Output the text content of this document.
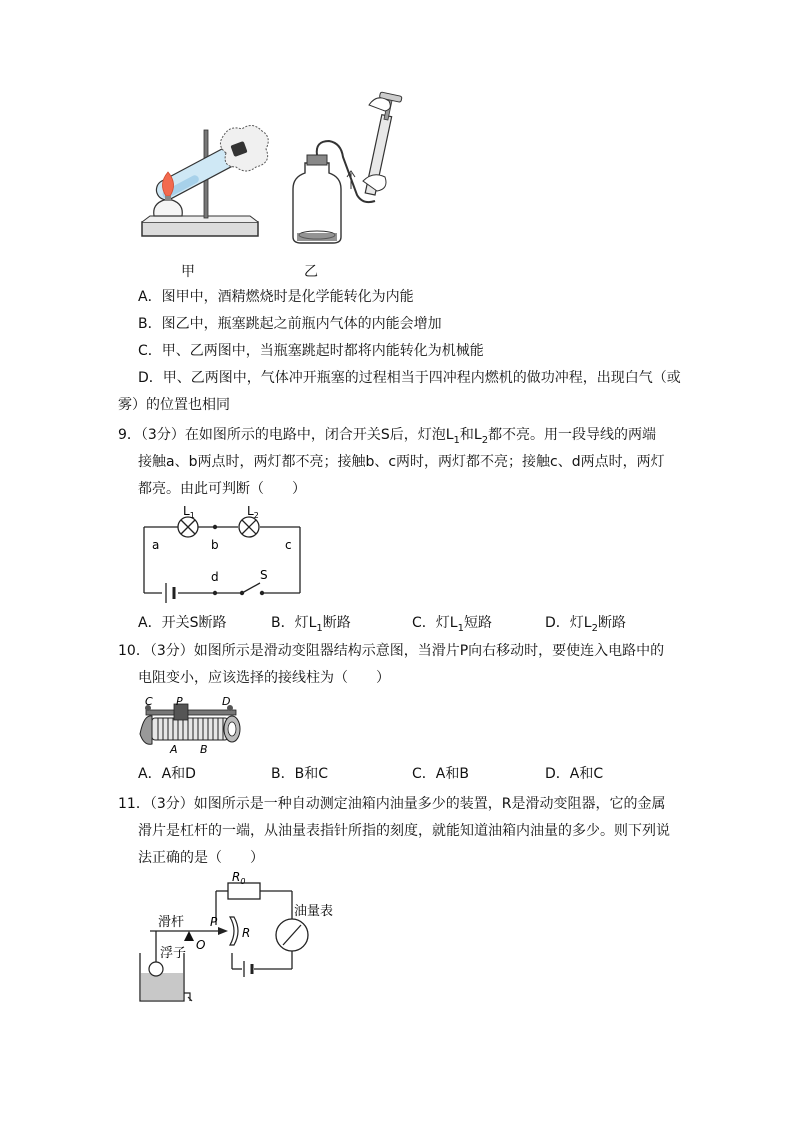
甲	乙
A．图甲中，酒精燃烧时是化学能转化为内能
B．图乙中，瓶塞跳起之前瓶内气体的内能会增加
C．甲、乙两图中，当瓶塞跳起时都将内能转化为机械能
D．甲、乙两图中，气体冲开瓶塞的过程相当于四冲程内燃机的做功冲程，出现白气（或
雾）的位置也相同
9．（3分）在如图所示的电路中，闭合开关S后，灯泡$L_1$和$L_2$都不亮。用一段导线的两端
接触a、b两点时，两灯都不亮；接触b、c两时，两灯都不亮；接触c、d两点时，两灯
都亮。由此可判断（　　）
$L_1$	$L_2$
a	b	c
d	S
A．开关S断路	B．灯$L_1$断路	C．灯$L_1$短路	D．灯$L_2$断路
10．（3分）如图所示是滑动变阻器结构示意图，当滑片P向右移动时，要使连入电路中的
电阻变小，应该选择的接线柱为（　　）
C P	D
A B
A．A和D	B．B和C	C．A和B	D．A和C
11．（3分）如图所示是一种自动测定油箱内油量多少的装置，R是滑动变阻器，它的金属
滑片是杠杆的一端，从油量表指针所指的刻度，就能知道油箱内油量的多少。则下列说
法正确的是（　　）
$R_0$
油量表
滑杆 P
O
R
浮子
